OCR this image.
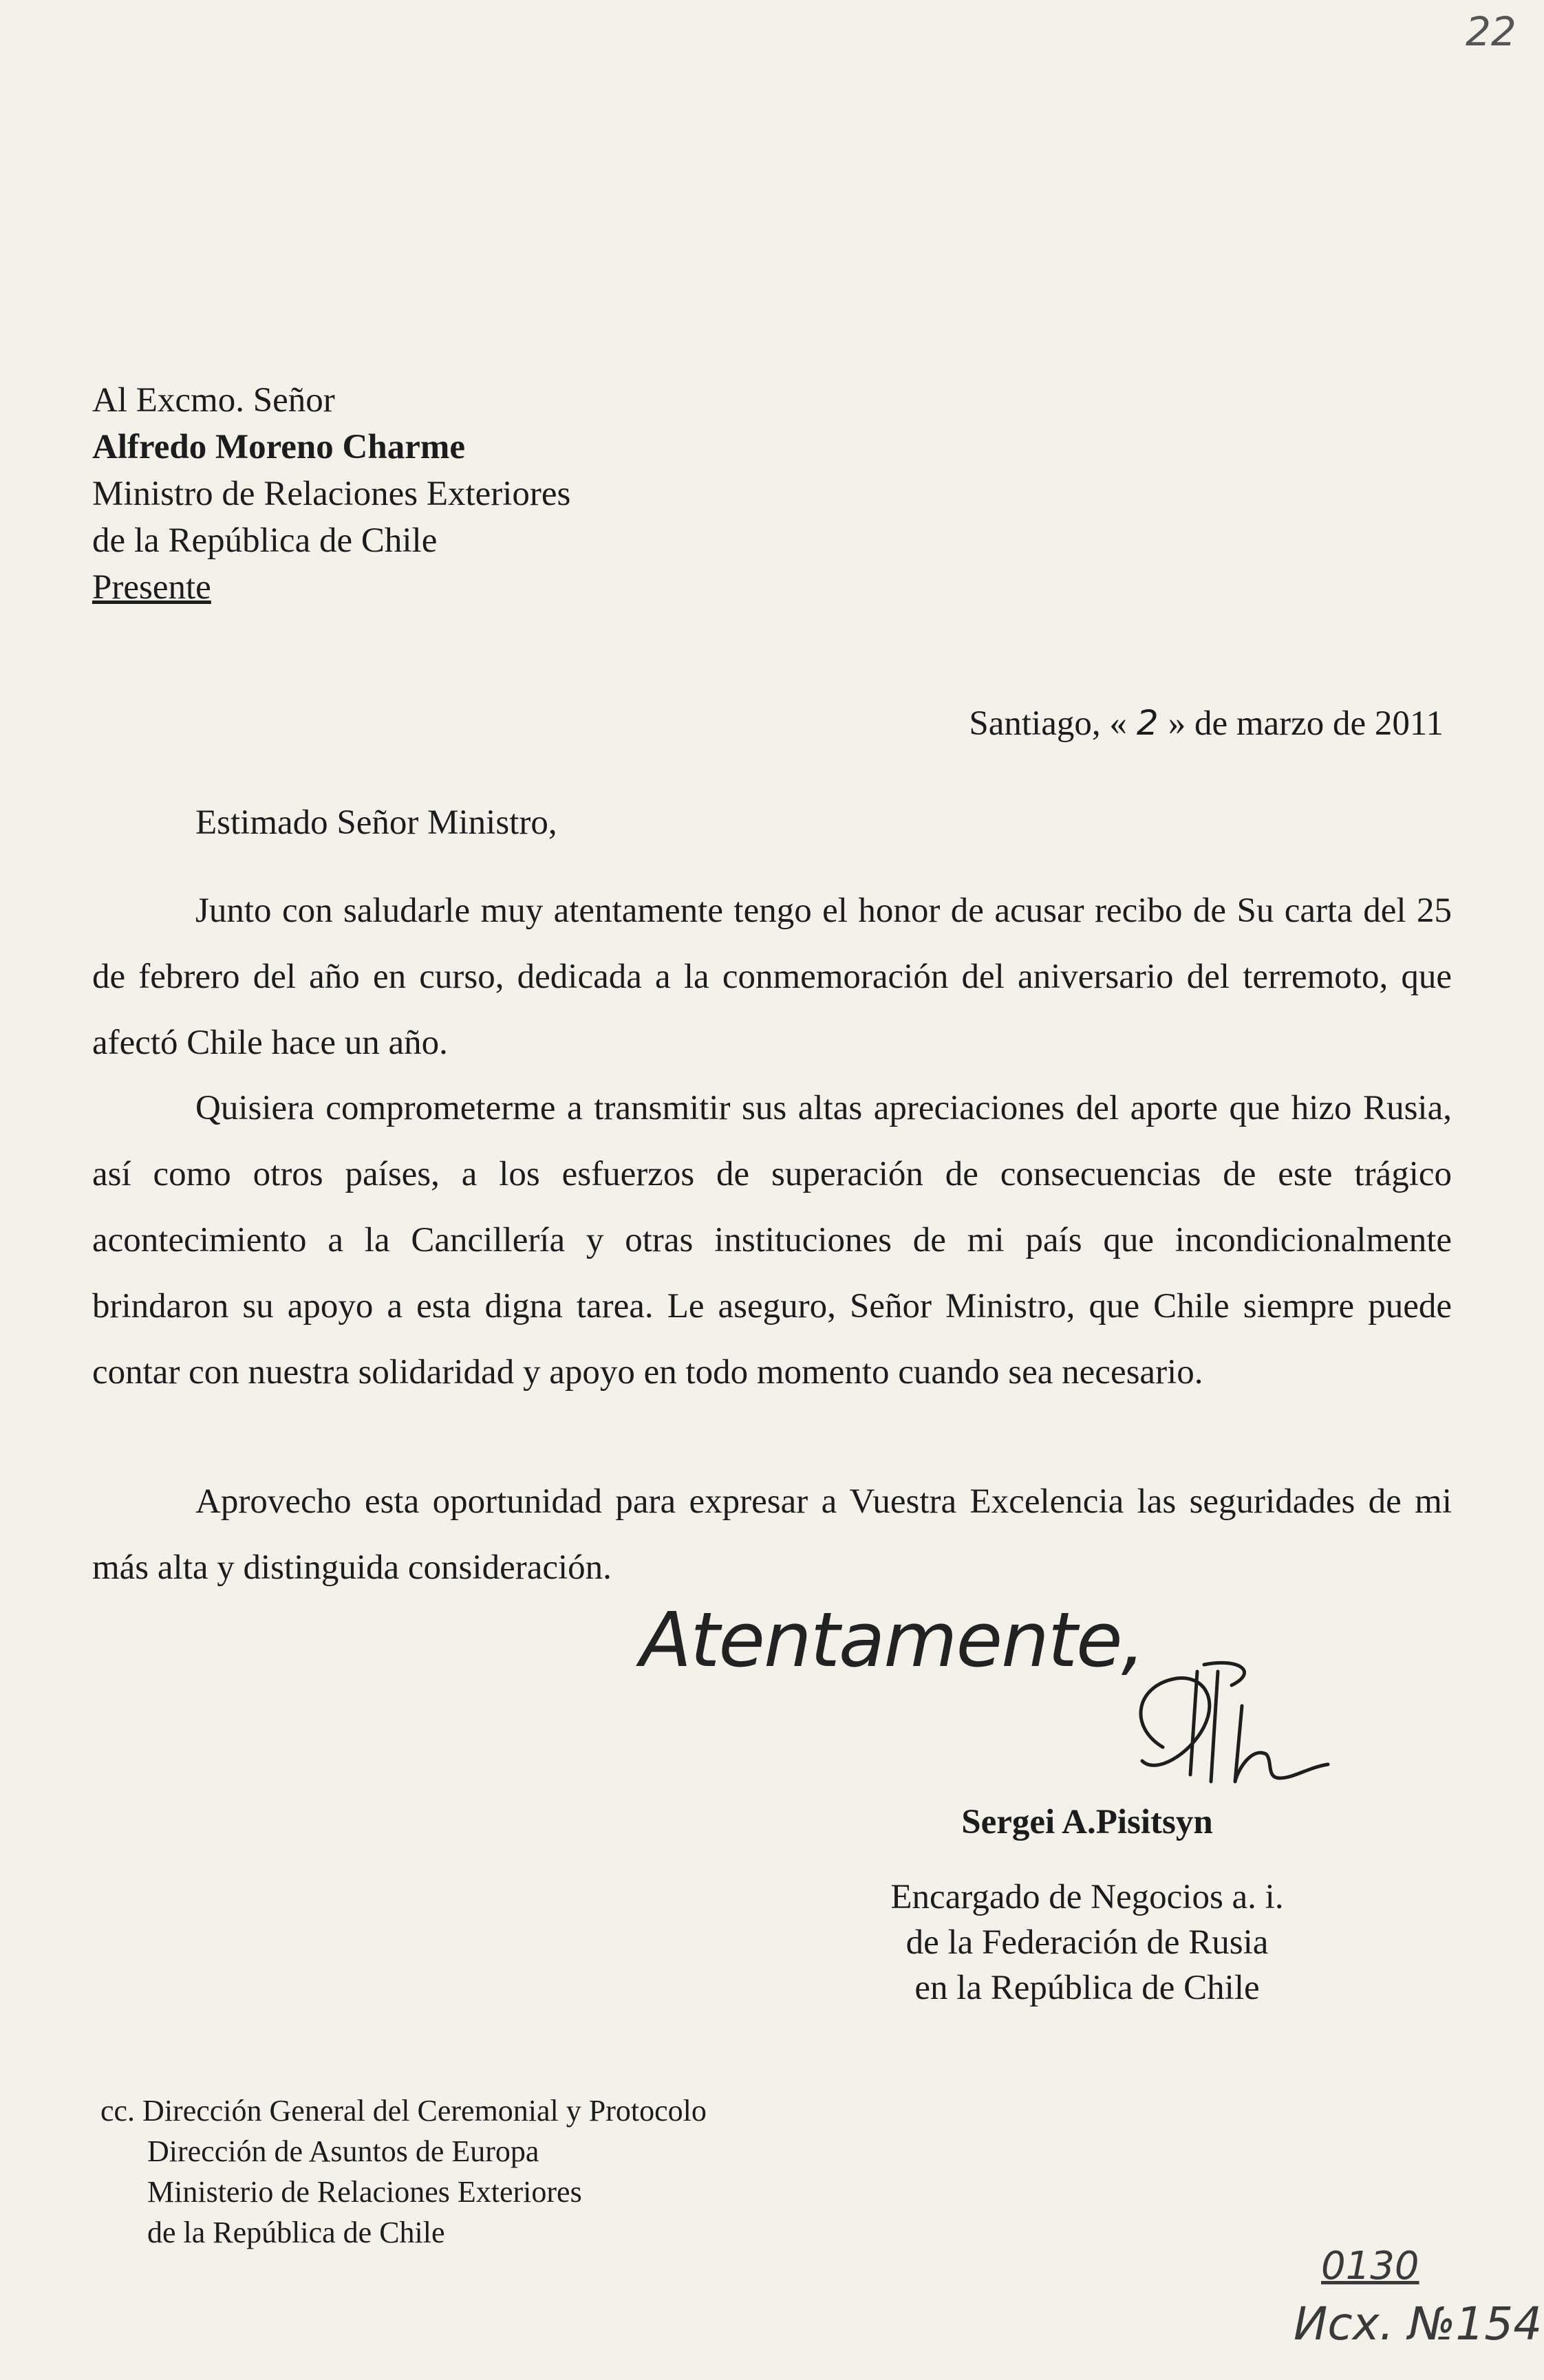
22
Al Excmo. Señor
Alfredo Moreno Charme
Ministro de Relaciones Exteriores
de la República de Chile
Presente
Santiago, « 2 » de marzo de 2011
Estimado Señor Ministro,

Junto con saludarle muy atentamente tengo el honor de acusar recibo de Su carta del 25 de febrero del año en curso, dedicada a la conmemoración del aniversario del terremoto, que afectó Chile hace un año.

Quisiera comprometerme a transmitir sus altas apreciaciones del aporte que hizo Rusia, así como otros países, a los esfuerzos de superación de consecuencias de este trágico acontecimiento a la Cancillería y otras instituciones de mi país que incondicionalmente brindaron su apoyo a esta digna tarea. Le aseguro, Señor Ministro, que Chile siempre puede contar con nuestra solidaridad y apoyo en todo momento cuando sea necesario.

Aprovecho esta oportunidad para expresar a Vuestra Excelencia las seguridades de mi más alta y distinguida consideración.

Atentamente,
Sergei A.Pisitsyn
Encargado de Negocios a. i.
de la Federación de Rusia
en la República de Chile
cc. Dirección General del Ceremonial y Protocolo
Dirección de Asuntos de Europa
Ministerio de Relaciones Exteriores
de la República de Chile
0130
Исх. №154
